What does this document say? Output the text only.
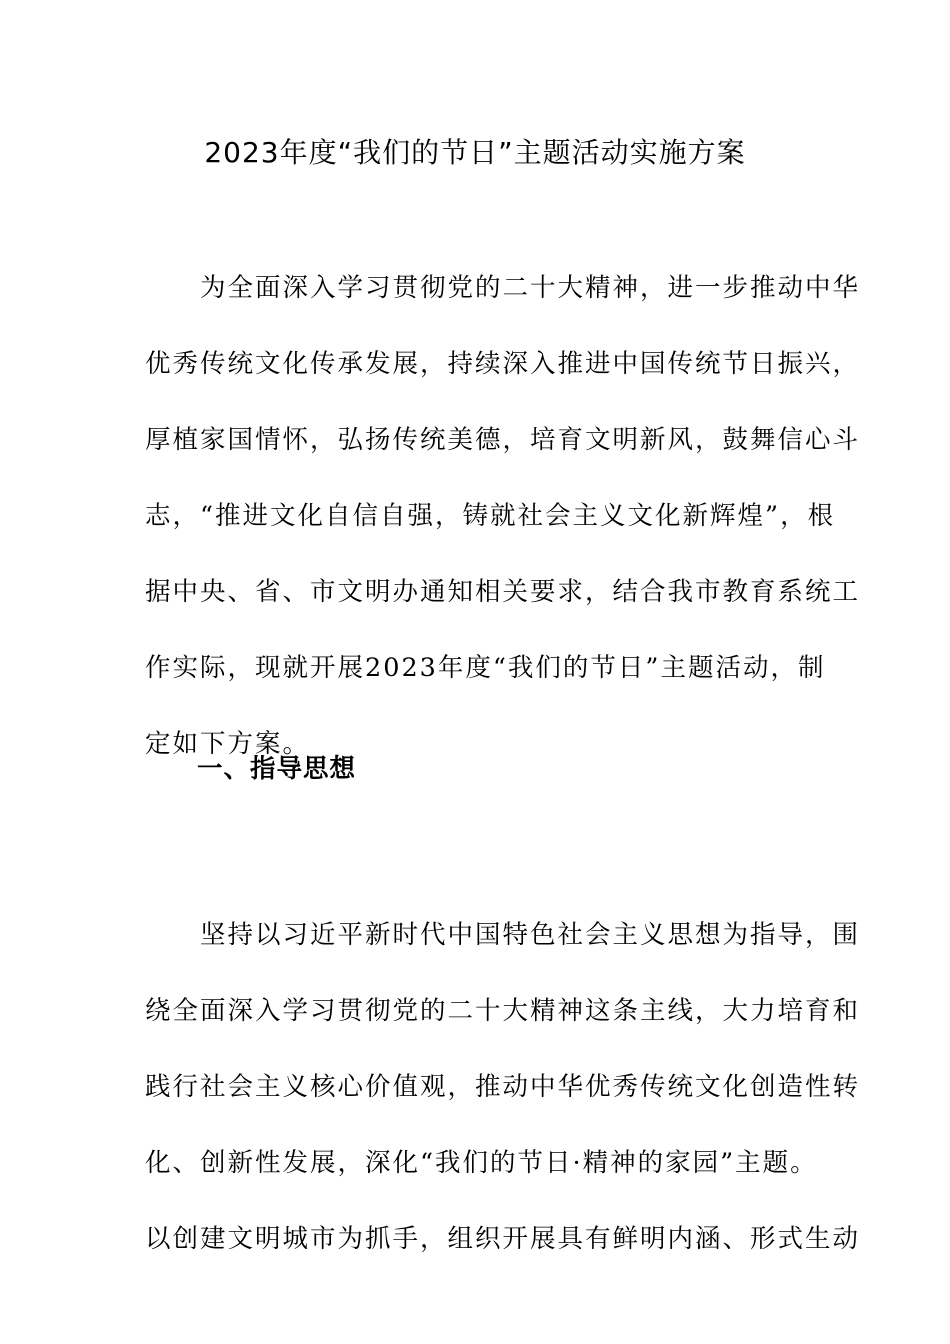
2023年度“我们的节日”主题活动实施方案
　　为全面深入学习贯彻党的二十大精神，进一步推动中华
优秀传统文化传承发展，持续深入推进中国传统节日振兴，
厚植家国情怀，弘扬传统美德，培育文明新风，鼓舞信心斗
志，“推进文化自信自强，铸就社会主义文化新辉煌”，根
据中央、省、市文明办通知相关要求，结合我市教育系统工
作实际，现就开展2023年度“我们的节日”主题活动，制
定如下方案。
一、指导思想
　　坚持以习近平新时代中国特色社会主义思想为指导，围
绕全面深入学习贯彻党的二十大精神这条主线，大力培育和
践行社会主义核心价值观，推动中华优秀传统文化创造性转
化、创新性发展，深化“我们的节日·精神的家园”主题。
以创建文明城市为抓手，组织开展具有鲜明内涵、形式生动
